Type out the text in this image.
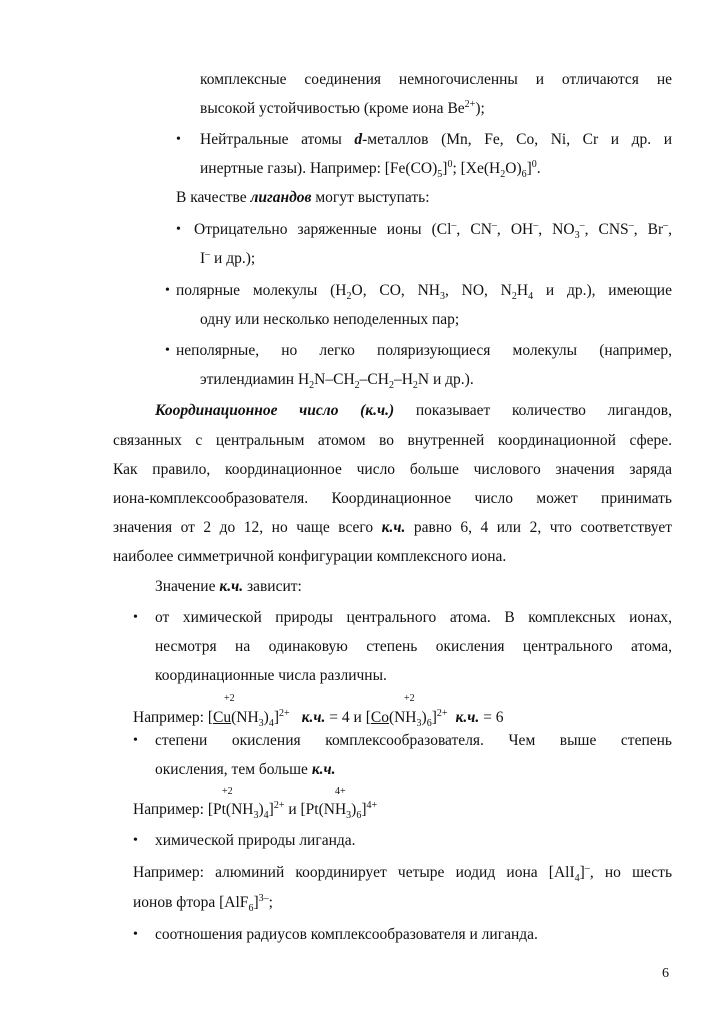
комплексные соединения немногочисленны и отличаются не
высокой устойчивостью (кроме иона $Be^{2+}$);
• Нейтральные атомы d-металлов (Mn, Fe, Co, Ni, Cr и др. и
инертные газы). Например: $[Fe(CO)_5]^0$; $[Xe(H_2O)_6]^0$.
В качестве лигандов могут выступать:
• Отрицательно заряженные ионы (Cl–, CN–, OH–, $NO_3^-$, CNS–, Br–,
I– и др.);
• полярные молекулы ($H_2O$, CO, $NH_3$, NO, $N_2H_4$ и др.), имеющие
одну или несколько неподеленных пар;
• неполярные, но легко поляризующиеся молекулы (например,
этилендиамин $H_2N-CH_2-CH_2-H_2N$ и др.).
Координационное число (к.ч.) показывает количество лигандов,
связанных с центральным атомом во внутренней координационной сфере.
Как правило, координационное число больше числового значения заряда
иона-комплексообразователя. Координационное число может принимать
значения от 2 до 12, но чаще всего к.ч. равно 6, 4 или 2, что соответствует
наиболее симметричной конфигурации комплексного иона.
Значение к.ч. зависит:
• от химической природы центрального атома. В комплексных ионах,
несмотря на одинаковую степень окисления центрального атома,
координационные числа различны.
+2	+2
Например: $[Cu(NH_3)_4]^{2+}$ к.ч. = 4 и $[Co(NH_3)_6]^{2+}$ к.ч. = 6
• степени окисления комплексообразователя. Чем выше степень
окисления, тем больше к.ч.
+2	4+
Например: $[Pt(NH_3)_4]^{2+}$ и $[Pt(NH_3)_6]^{4+}$
• химической природы лиганда.
Например: алюминий координирует четыре иодид иона [AlI$_4$]–, но шесть
ионов фтора $[AlF_6]^{3-}$;
• соотношения радиусов комплексообразователя и лиганда.
6
